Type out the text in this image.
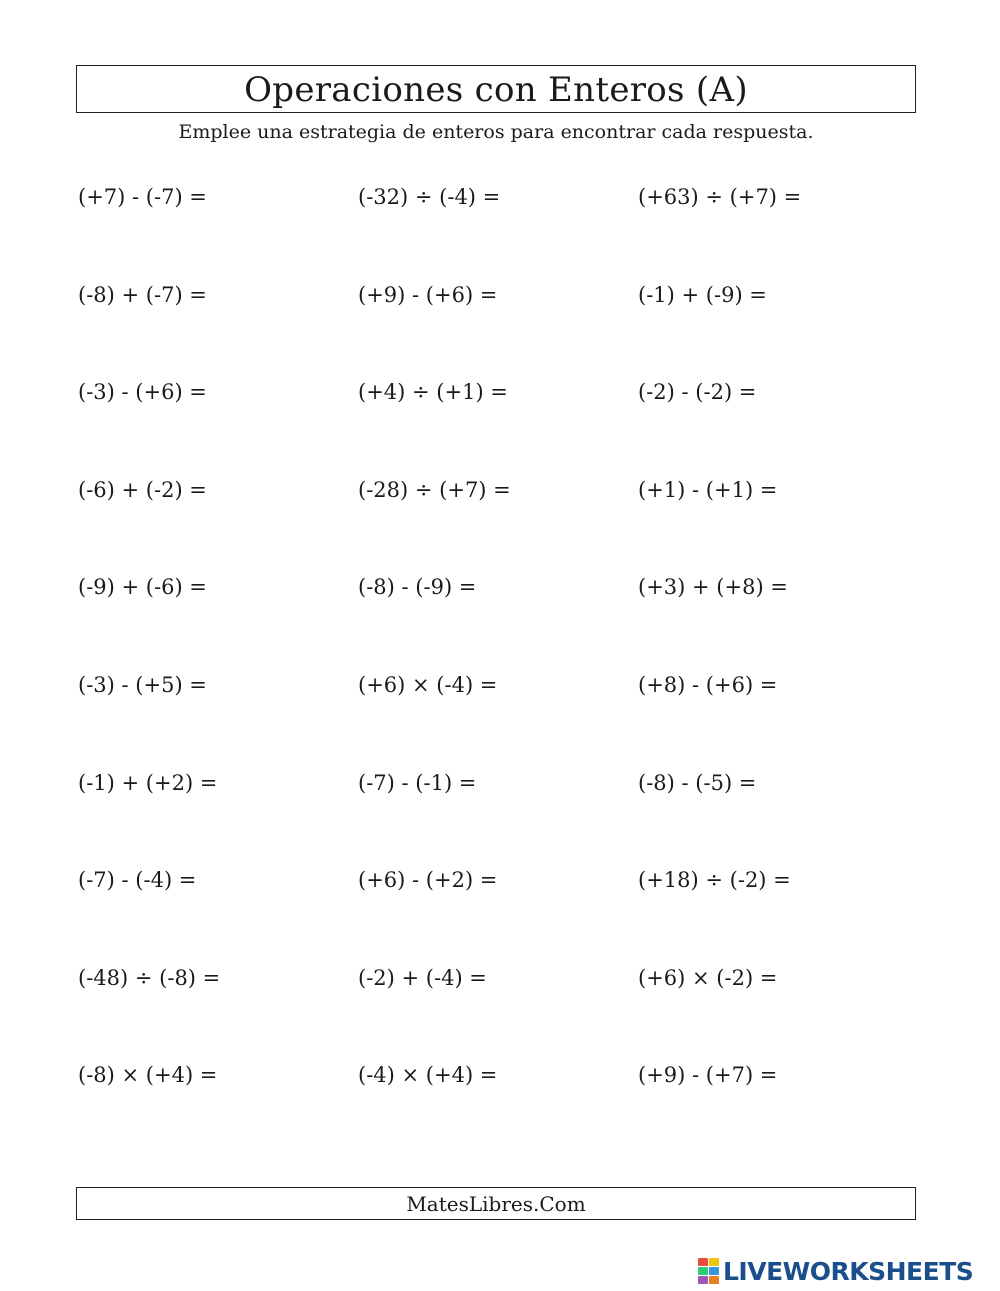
Operaciones con Enteros (A)
Emplee una estrategia de enteros para encontrar cada respuesta.
(+7) - (-7) =	(-32) ÷ (-4) =	(+63) ÷ (+7) =
(-8) + (-7) =	(+9) - (+6) =	(-1) + (-9) =
(-3) - (+6) =	(+4) ÷ (+1) =	(-2) - (-2) =
(-6) + (-2) =	(-28) ÷ (+7) =	(+1) - (+1) =
(-9) + (-6) =	(-8) - (-9) =	(+3) + (+8) =
(-3) - (+5) =	(+6) × (-4) =	(+8) - (+6) =
(-1) + (+2) =	(-7) - (-1) =	(-8) - (-5) =
(-7) - (-4) =	(+6) - (+2) =	(+18) ÷ (-2) =
(-48) ÷ (-8) =	(-2) + (-4) =	(+6) × (-2) =
(-8) × (+4) =	(-4) × (+4) =	(+9) - (+7) =
MatesLibres.Com
LIVEWORKSHEETS
